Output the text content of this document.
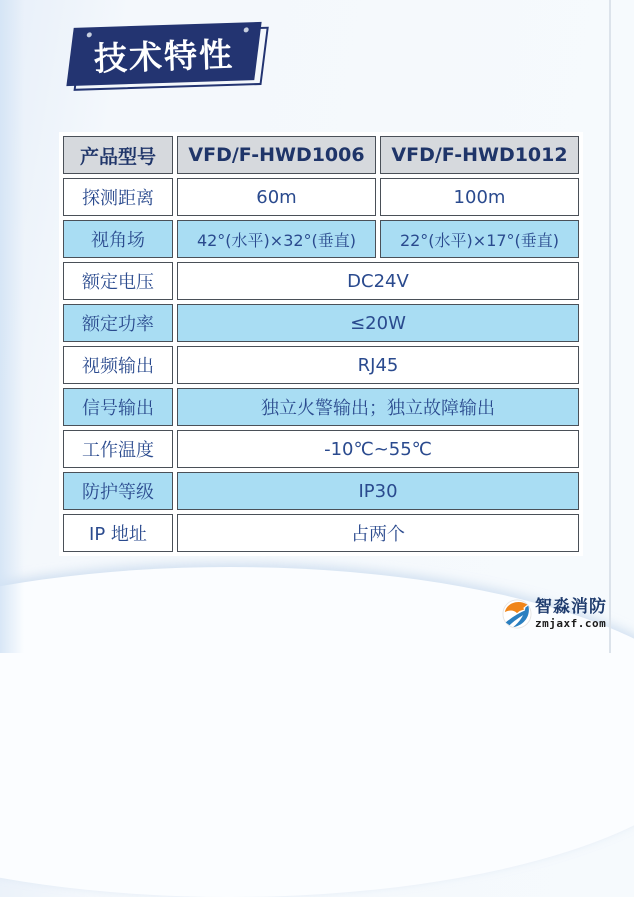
技术特性
产品型号	VFD/F-HWD1006	VFD/F-HWD1012
探测距离	60m	100m
视角场	42°(水平)×32°(垂直)	22°(水平)×17°(垂直)
额定电压	DC24V	
额定功率	≤20W	
视频输出	RJ45	
信号输出	独立火警输出；独立故障输出	
工作温度	-10℃~55℃	
防护等级	IP30	
IP 地址	占两个	
智淼消防
zmjaxf.com
